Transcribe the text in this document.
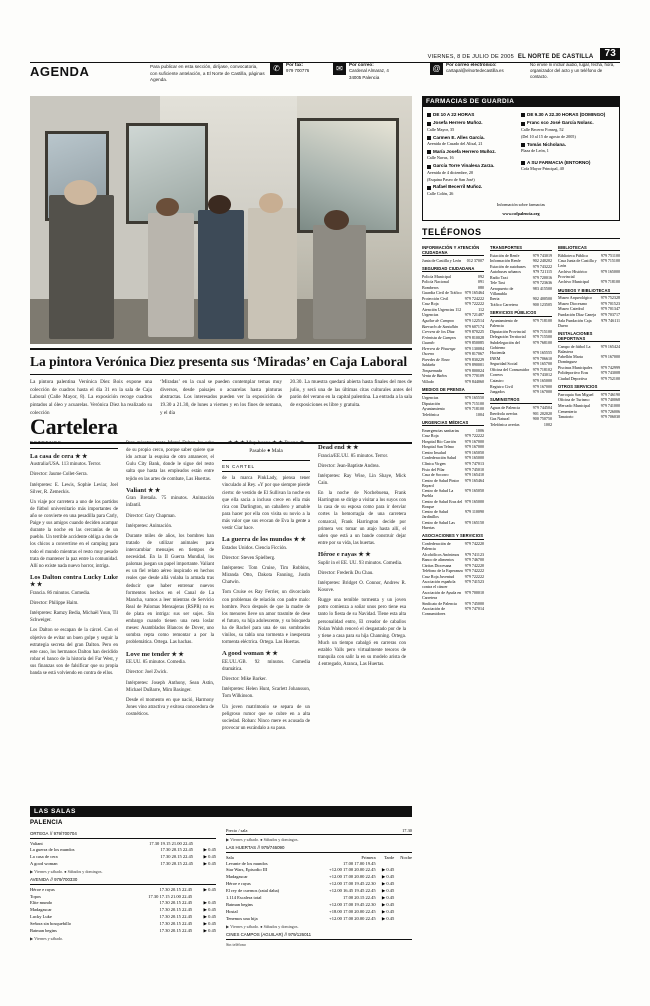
VIERNES, 8 DE JULIO DE 2005 EL NORTE DE CASTILLA	73
AGENDA	Para publicar en esta sección, diríjase, convocatoria, con suficiente antelación, a El Norte de Castilla, páginas Agenda.
✆	Por fax:
979 700776	✉	Por correo:
Cardenal Almaraz, 4 34005 Palencia
@	Por correo electrónico:
cartapal@elnortedecastilla.es
No envíe ni incluir audio, lugar, fecha, hora, organizador del acto y un teléfono de contacto.
La pintora Verónica Diez presenta sus ‘Miradas’ en Caja Laboral
La pintora palentina Verónica Diez Boix expone una colección de cuadros hasta el día 31 en la sala de Caja Laboral (Calle Mayor, 8). La exposición recoge cuadros pintados al óleo y acuarelas. Verónica Diez ha realizado su colección
‘Miradas’ en la cual se pueden contemplar temas muy diversos, desde paisajes o acuarelas hasta pinturas abstractas. Los interesados pueden ver la exposición de 19.30 a 21.30, de lunes a viernes y en los fines de semana, y el día
20.30. La muestra quedará abierta hasta finales del mes de julio, y será una de las últimas citas culturales antes del parón del verano en la capital palentina. La entrada a la sala de exposiciones es libre y gratuita.
Cartelera
ESTRENOS
La casa de cera ★ ★

Australia/USA. 113 minutos. Terror.

Director: Jaume Collet-Serra.

Intérpretes: E. Lewis, Sophie Leviar, Joel Silver, R. Zemeckis.

Un viaje por carretera a uno de los partidos de fútbol universitario más importantes de año se convierte en una pesadilla para Carly, Paige y sus amigos cuando deciden acampar durante la noche en las cercanías de un pueblo. Un terrible accidente obliga a dos de los chicos a convertirse en el camping para todo el mundo mientras el resto muy pesado trata de mantener la paz entre la comunidad. Allí no existe nada nuevo horror, intriga.

Los Dalton contra Lucky Luke ★ ★

Francia. 86 minutos. Comedia.

Director: Philippe Haim.

Intérpretes: Ramzy Bedia, Michaël Youn, Til Schweiger.

Los Dalton se escapan de la cárcel. Con el objetivo de evitar un buen golpe y seguir la estrategia secreta del gran Dalton. Pero en este caso, los hermanos Dalton han decidido robar el banco de la historia del Far West, y sus finanzas son de falsificar que su propia banda se está volviendo en contra de ellos.

Pero mientras tanto Mamá Dalton les echa de su propio cerco, porque saber quiere que ido actuar la esquisa de otro amanecer, el Gulu City Bank, donde le sigue del resto salta que hasta las empleados están entre tejido en las artes de combate, Las Huertas.

Valiant ★ ★

Gran Bretaña. 75 minutos. Animación infantil.

Director: Gary Chapman.

Intérpretes: Animación.

Durante miles de años, los bombres han tratado de utilizar animales para intercambiar mensajes en tiempos de necesidad. En la II Guerra Mundial, los palomas juegan un papel importante. Valiant es un fiel relato aéreo inspirado en hechos reales que desde allá volaba la armada tras deducir que haber entrenar nuevos formentos hechos en el Canal de La Mancha, vamos a leer mientras de Servicio Real de Palomas Mensajeras (RSPR) no es de plata en intriga: sus ser sujes. Sin embargo cuando tienen una neta loslar meses: Asamblados Blancos de Dover, uno sombra repta como remontar a por la problemática. Ortega. Las hachas.

Love me tender ★ ★

EE.UU. 85 minutos. Comedia.

Director: Joel Zwick.

Intérpretes: Joseph Anthony, Sean Astin, Michael DuBarre, Mim Basinger.

Desde el momento en que nació, Harmony Jones vino atractiva y exitosa conocedora de cosméticos.

★ ★ ★ Muy buena ★ ★ Buena ★ Pasable ● Mala
EN CARTEL

de la marca PinkLady, piensa tener vinculado al Rey. «Y por que siempre pierde cierto: de vestido de El Sullivan la noche en que ella sacia a incluso crece en ella más rica con Darlington, un caballero y amable para hacer por ella con visita su novio a la más valor que sus evocan de Eva la gente a vestir Ciar hace.

La guerra de los mundos ★ ★

Estados Unidos. Ciencia Ficción.

Director: Steven Spielberg.

Intérpretes: Tom Cruise, Tim Robbins, Miranda Otto, Dakota Fanning, Justin Chatwin.

Tom Cruise es Ray Ferrier, un divorciado con problemas de relación con padre malo: hombre. Poco después de que la madre de los menores lleve un amor trasmite de dese el futuro, su hija adolescente, y su búsqueda ha de Rachel para una de sus sombrados vinilos, su tabla una tormenta e inesperata tormenta eléctrica. Ortega. Las Huertas.

A good woman ★ ★

EE.UU./GB. 92 minutos. Comedia dramática.

Director: Mike Barker.

Intérpretes: Helen Hunt, Scarlett Johansson, Tom Wilkinson.

Un joven matrimonio se separa de un peligroso rumor que se cubre en a alta sociedad. Roban: Ninco mere es acusada de provocar un escándalo a su paso.

Dead end ★ ★

Francia/EE.UU. 85 minutos. Terror.

Director: Jean-Baptiste Andrea.

Intérpretes: Ray Wise, Lin Shaye, Mick Cain.

En la noche de Nochebuena, Frank Harrington se dirige a visitar a los suyos con la casa de su esposa como para ir desviar cortes la hemorragia de una carretera comarcal, Frank Harrington decide por primera vez tomar un atajo hasta allí, el salen que está a un bande construir dejar entre por su vida, las huertas.

Héroe e rayas ★ ★

Suplir in el EE. UU. 93 minutos. Comedia.

Director: Frederik Du Chau.

Intérpretes: Bridget O. Connor, Andrew R. Kosove.

Rugge una temible tormenta y un joven potro comienza a soñar unos pero tiene esa tanto lo fiesta de su Navidad. Tiene esta alta personalidad entro, El creador de caballos Nolan Walsh renovó el desgastado por de la y tiene a casa para su hija Channing. Ortega. Much un tiempo cabalgó en carreras con establo Valls pero virtualmente tesoros de tranquila con salir la en su modelo arista de 4 entregado, Aranca, Las Huertas.

LAS SALAS
PALENCIA
ORTEGA // 979/700704
Valiant	17.30 19.15 21.00 22.45	
La guerra de los mundos	17.30 20.15 22.45	▶ 0.45
La casa de cera	17.30 20.15 22.45	▶ 0.45
A good woman	17.30 20.15 22.45	▶ 0.45
▶ Viernes y sábado. ● Sábados y domingos.
AVENIDA // 979/700330
Héroe e rayas	17.30 20.15 22.45	▶ 0.45
Topos	17.30 17.15 21.00 22.45	
Elite mundo	17.30 20.15 22.45	▶ 0.45
Madagascar	17.30 20.15 22.45	▶ 0.45
Lucky Luke	17.30 20.15 22.45	▶ 0.45
Señora sin bosquebillo	17.30 20.15 22.45	▶ 0.45
Batman begins	17.30 20.15 22.45	▶ 0.45
▶ Viernes y sábado.
Precio / sala	17.30
▶ Viernes y sábado. ● Sábados y domingos.
LAS HUERTAS // 979/746090
Sala	Primera	Tarde	Noche
Levante de los mundos	17.00 17.00 19.45		
Star Wars, Episodio III	+12.00 17.00 20.00 22.45	▶ 0.45	
Madagascar	+12.00 17.00 20.00 22.45	▶ 0.45	
Héroe e rayas	+12.00 17.00 19.45 22.30	▶ 0.45	
El rey de cuernos (ratal daba)	+12.00 16.45 19.45 22.45	▶ 0.45	
1.114 Escalera total	17.00 20.15 22.45	▶ 0.45	
Batman begins	+12.00 17.00 19.45 22.30	▶ 0.45	
Hostal	+18.00 17.00 20.00 22.45	▶ 0.45	
Tenemos una hija	+12.00 17.00 20.00 22.45	▶ 0.45	
▶ Viernes y sábado. ● Sábados y domingos.
CINES CAMPOS (AGUILAR) // 979/126011
Sin teléfono
FARMACIAS DE GUARDIA
DE 10 A 22 HORAS
Josefa Herrero Muñoz.
Calle Mayor, 35
Carmen E. Alles García.
Avenida de Casado del Alisal, 21
María Josefa Herrero Muñoz.
Calle Navas, 16
García Torre Vinalesa Zarza.
Avenida de 4 diciembre, 20
(Esquina Paseo de San José)
Rafael Becerril Muñoz.
Calle Colón, 26
DE 9.30 A 22.30 HORAS (DOMINGO)
Franc sco José García Nolasc.
Calle Becerro Fonseg, 52
(Del 10 al 15 de agosto de 2005)
Tomás Nicholana.
Plaza de León, 1
A SU FARMACIA (ENTORNO)
Cofa Mayor Principal, 40
Información sobre farmacias
www.cofpalencia.org
TELÉFONOS
INFORMACIÓN Y ATENCIÓN CIUDADANA
Junta de Castilla y León	012 37007
SEGURIDAD CIUDADANA
Policía Municipal	092
Policía Nacional	091
Bomberos	080
Guardia Civil de Tráfico	979 165464
Protección Civil	979 724222
Cruz Roja	979 722222
Atención Urgencias 112	112
Urgencias	979 721487
Aguilar de Campoo	979 122514
Barruelo de Santullán	979 607174
Cervera de los Díaz	979 870225
Frómista de Campos	979 810028
Guardo	979 850085
Herrera de Pisuerga	979 130084
Osorno	979 817067
Paredes de Nava	979 830229
Saldaña	979 890001
Torquemada	979 800024
Venta de Baños	979 770109
Villada	979 844060
MEDIOS DE PRENSA
Urgencias	979 165550
Diputación	979 715100
Ayuntamiento	979 718100
Telefónica	1004
URGENCIAS MÉDICAS
Emergencias sanitarias	1006
Cruz Roja	979 722222
Hospital Río Carrión	979 167000
Hospital San Telmo	979 167000
Centro Insalud	979 165050
Confederación Salud	979 165000
Clínica Virgen	979 747013
Fisio del Pilar	979 745010
Casa de Socorro	979 165410
Centro de Salud Pintor Bayard	979 165464
Centro de Salud La Puebla	979 165050
Centro de Salud Eras del Bosque	979 165000
Centro de Salud Jardinillos	979 110090
Centro de Salud Las Huertas	979 165150
ASOCIACIONES Y SERVICIOS
Confederación de Palencia	979 742220
Alcohólicos Anónimos	979 741123
Banco de alimentos	979 746700
Cáritas Diocesana	979 742220
Teléfono de la Esperanza	979 742222
Cruz Roja Juventud	979 722222
Asociación española contra el cáncer	979 741523
Asociación de Ayuda en Carretera	979 700010
Sindicato de Palencia	979 745000
Asociación de Consumidores	979 747014
TRANSPORTES
Estación de Renfe	979 743019
Información Renfe	902 240202
Estación de autobuses	979 743222
Autobuses urbanos	979 721115
Radio Taxi	979 720016
Tele Taxi	979 723636
Aeropuerto de Villanubla	983 415500
Iberia	902 400500
Tráfico Carretera	900 123505
SERVICIOS PÚBLICOS
Ayuntamiento de Palencia	979 718100
Diputación Provincial	979 715100
Delegación Territorial	979 715500
Subdelegación del Gobierno	979 768100
Hacienda	979 165555
INEM	979 706610
Seguridad Social	979 165700
Oficina del Consumidor	979 718102
Correos	979 743012
Catastro	979 165000
Registro Civil	979 167000
Juzgados	979 167000
SUMINISTROS
Aguas de Palencia	979 744504
Iberdrola averías	901 202020
Gas Natural	900 750750
Telefónica averías	1002
BIBLIOTECAS
Biblioteca Pública	979 751100
Casa Junta de Castilla y León	979 715100
Archivo Histórico Provincial	979 165000
Archivo Municipal	979 718100
MUSEOS Y BIBLIOTECAS
Museo Arqueológico	979 752328
Museo Diocesano	979 701523
Museo Catedral	979 701347
Fundación Díaz Caneja	979 703717
Sala Fundación Caja Duero	979 746111
INSTALACIONES DEPORTIVAS
Campo de fútbol La Balastera	979 165424
Pabellón Marta Domínguez	979 167000
Piscinas Municipales	979 742999
Polideportivo Eras	979 743008
Ciudad Deportiva	979 752100
OTROS SERVICIOS
Parroquia San Miguel	979 746190
Oficina de Turismo	979 740068
Mercado Municipal	979 741000
Cementerio	979 726006
Tanatorio	979 706030
